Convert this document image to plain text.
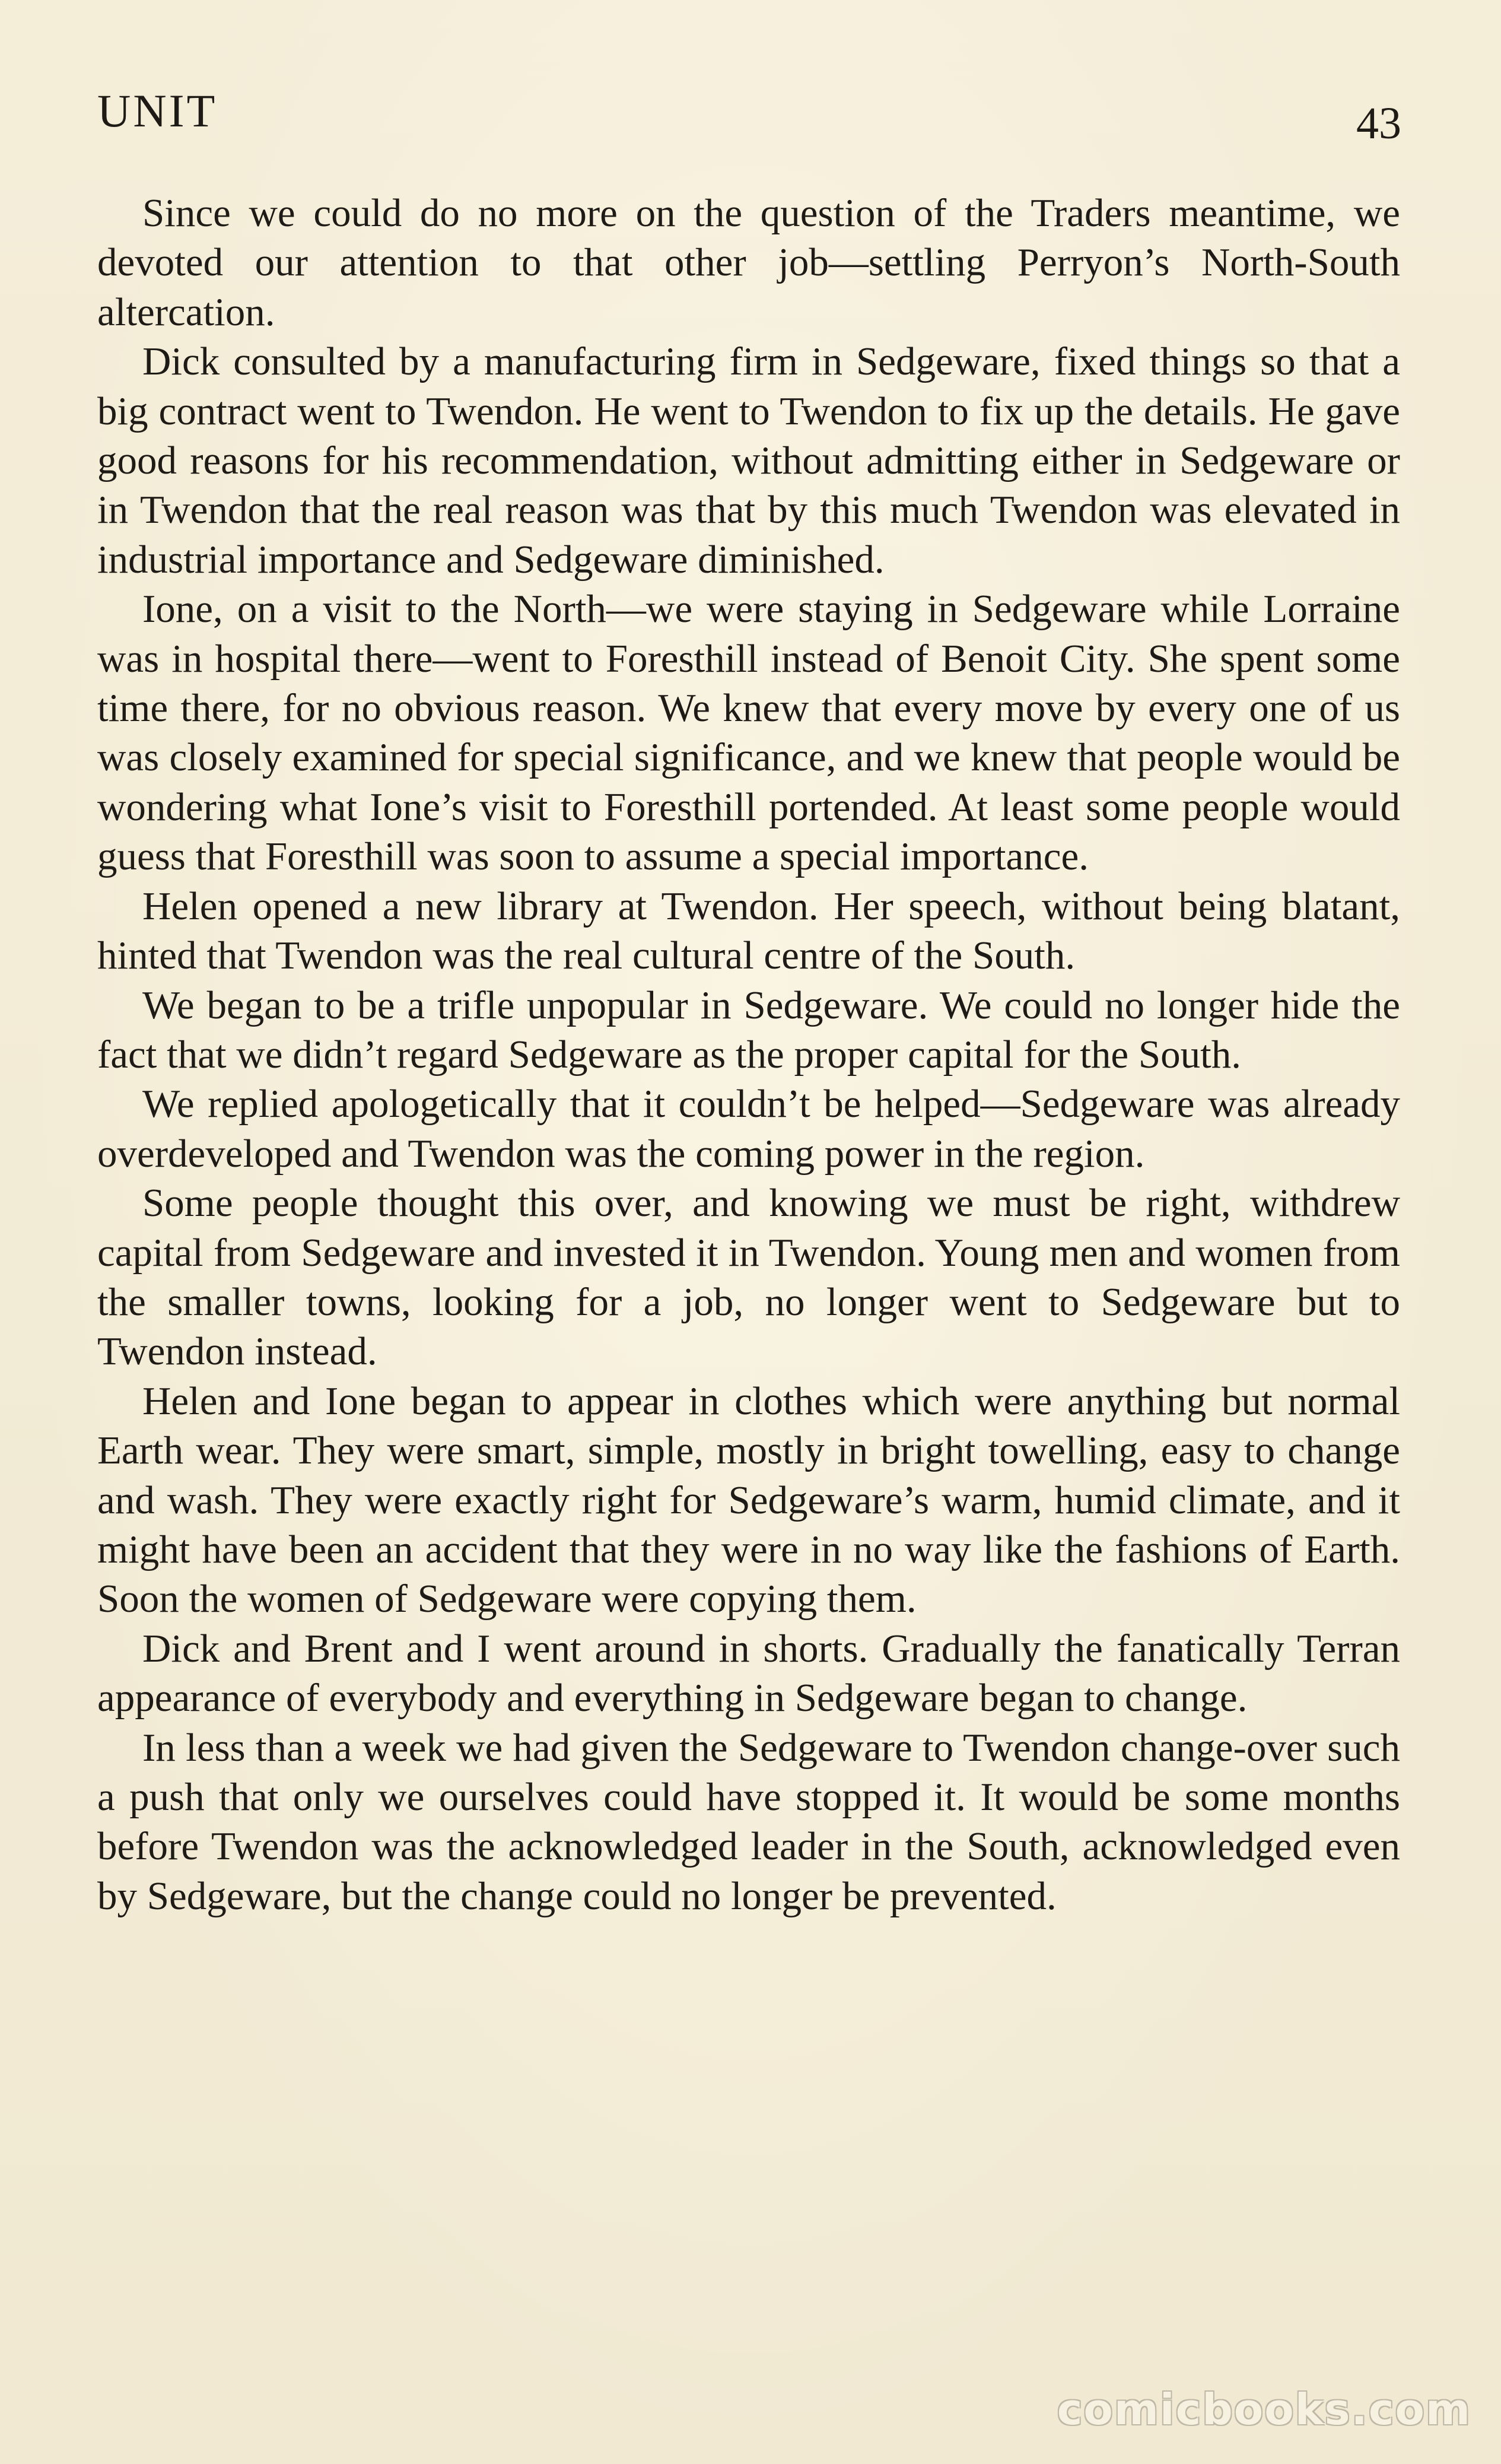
UNIT	43

Since we could do no more on the question of the Traders meantime, we devoted our attention to that other job—settling Perryon’s North-South altercation.

Dick consulted by a manufacturing firm in Sedgeware, fixed things so that a big contract went to Twendon. He went to Twendon to fix up the details. He gave good reasons for his recommendation, without admitting either in Sedgeware or in Twendon that the real reason was that by this much Twendon was elevated in industrial importance and Sedgeware diminished.

Ione, on a visit to the North—we were staying in Sedgeware while Lorraine was in hospital there—went to Foresthill instead of Benoit City. She spent some time there, for no obvious reason. We knew that every move by every one of us was closely examined for special significance, and we knew that people would be wondering what Ione’s visit to Foresthill portended. At least some people would guess that Foresthill was soon to assume a special importance.

Helen opened a new library at Twendon. Her speech, without being blatant, hinted that Twendon was the real cultural centre of the South.

We began to be a trifle unpopular in Sedgeware. We could no longer hide the fact that we didn’t regard Sedgeware as the proper capital for the South.

We replied apologetically that it couldn’t be helped—Sedgeware was already overdeveloped and Twendon was the coming power in the region.

Some people thought this over, and knowing we must be right, withdrew capital from Sedgeware and invested it in Twendon. Young men and women from the smaller towns, looking for a job, no longer went to Sedgeware but to Twendon instead.

Helen and Ione began to appear in clothes which were anything but normal Earth wear. They were smart, simple, mostly in bright towelling, easy to change and wash. They were exactly right for Sedgeware’s warm, humid climate, and it might have been an accident that they were in no way like the fashions of Earth. Soon the women of Sedgeware were copying them.

Dick and Brent and I went around in shorts. Gradually the fanatically Terran appearance of everybody and everything in Sedgeware began to change.

In less than a week we had given the Sedgeware to Twendon change-over such a push that only we ourselves could have stopped it. It would be some months before Twendon was the acknowledged leader in the South, acknowledged even by Sedgeware, but the change could no longer be prevented.

comicbooks.com
